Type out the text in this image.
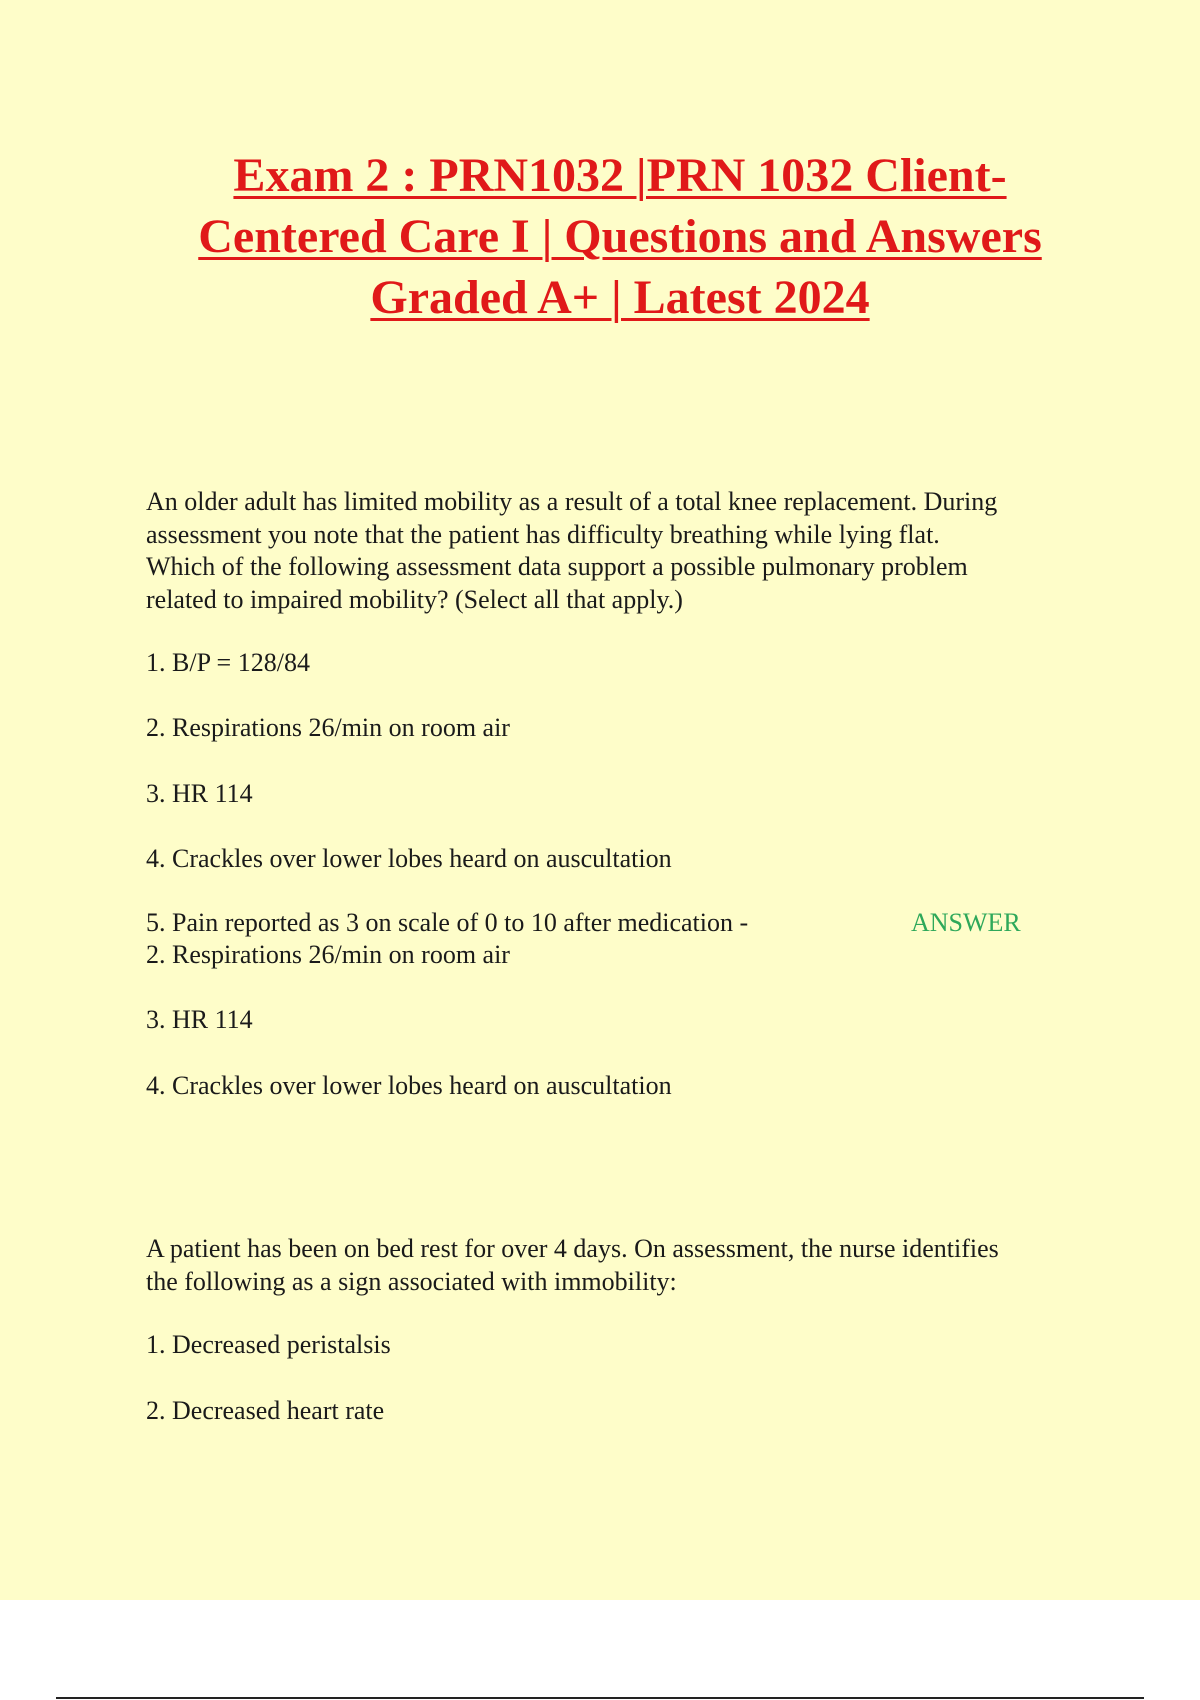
Exam 2 : PRN1032 |PRN 1032 Client-
Centered Care I | Questions and Answers
Graded A+ | Latest 2024
An older adult has limited mobility as a result of a total knee replacement. During
assessment you note that the patient has difficulty breathing while lying flat.
Which of the following assessment data support a possible pulmonary problem
related to impaired mobility? (Select all that apply.)
1. B/P = 128/84
2. Respirations 26/min on room air
3. HR 114
4. Crackles over lower lobes heard on auscultation
5. Pain reported as 3 on scale of 0 to 10 after medication -	ANSWER
2. Respirations 26/min on room air
3. HR 114
4. Crackles over lower lobes heard on auscultation
A patient has been on bed rest for over 4 days. On assessment, the nurse identifies
the following as a sign associated with immobility:
1. Decreased peristalsis
2. Decreased heart rate
